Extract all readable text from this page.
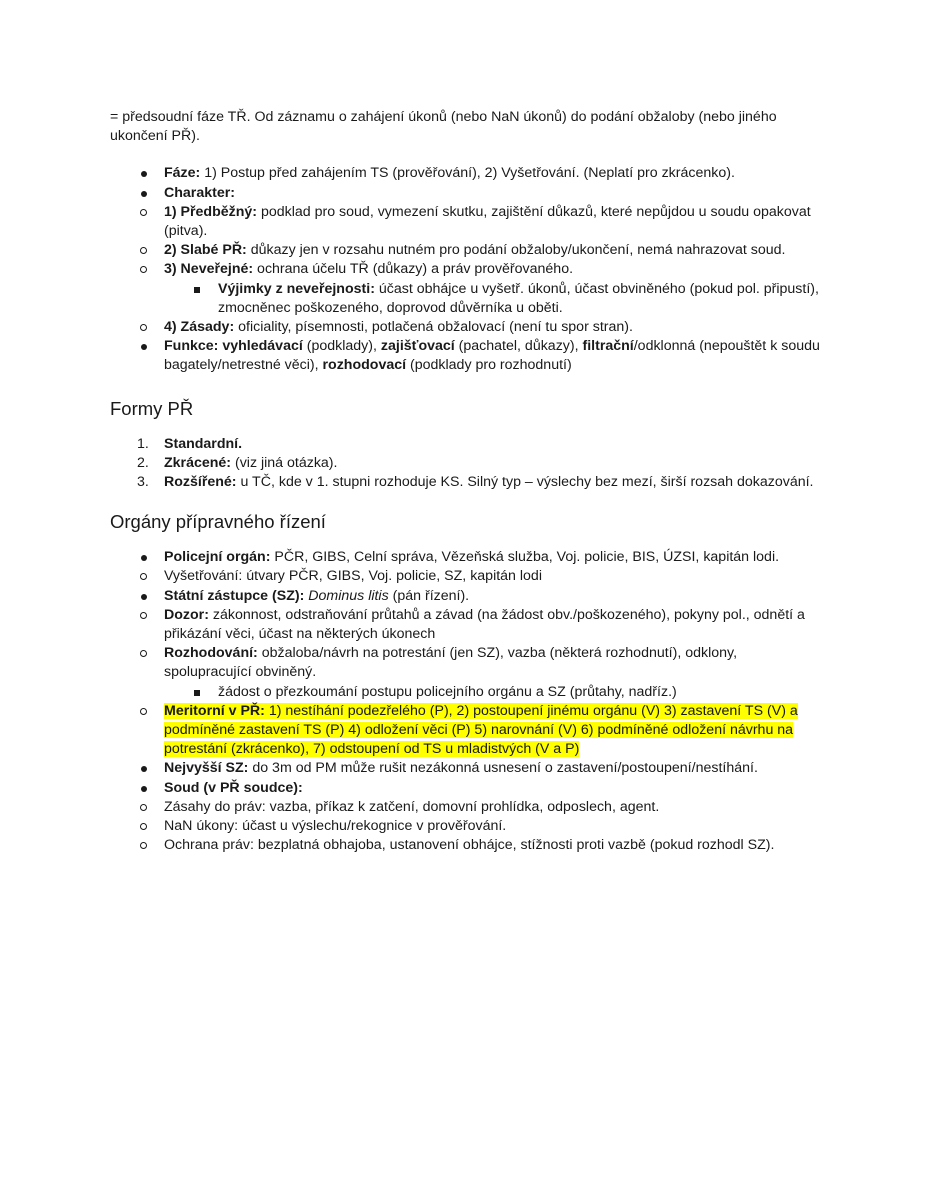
= předsoudní fáze TŘ. Od záznamu o zahájení úkonů (nebo NaN úkonů) do podání obžaloby (nebo jiného ukončení PŘ).

Fáze: 1) Postup před zahájením TS (prověřování), 2) Vyšetřování. (Neplatí pro zkrácenko).
Charakter:
1) Předběžný: podklad pro soud, vymezení skutku, zajištění důkazů, které nepůjdou u soudu opakovat (pitva).
2) Slabé PŘ: důkazy jen v rozsahu nutném pro podání obžaloby/ukončení, nemá nahrazovat soud.
3) Neveřejné: ochrana účelu TŘ (důkazy) a práv prověřovaného.
Výjimky z neveřejnosti: účast obhájce u vyšetř. úkonů, účast obviněného (pokud pol. připustí), zmocněnec poškozeného, doprovod důvěrníka u oběti.
4) Zásady: oficiality, písemnosti, potlačená obžalovací (není tu spor stran).
Funkce: vyhledávací (podklady), zajišťovací (pachatel, důkazy), filtrační/odklonná (nepouštět k soudu bagately/netrestné věci), rozhodovací (podklady pro rozhodnutí)
Formy PŘ
1. Standardní.
2. Zkrácené: (viz jiná otázka).
3. Rozšířené: u TČ, kde v 1. stupni rozhoduje KS. Silný typ – výslechy bez mezí, širší rozsah dokazování.
Orgány přípravného řízení
Policejní orgán: PČR, GIBS, Celní správa, Vězeňská služba, Voj. policie, BIS, ÚZSI, kapitán lodi.
Vyšetřování: útvary PČR, GIBS, Voj. policie, SZ, kapitán lodi
Státní zástupce (SZ): Dominus litis (pán řízení).
Dozor: zákonnost, odstraňování průtahů a závad (na žádost obv./poškozeného), pokyny pol., odnětí a přikázání věci, účast na některých úkonech
Rozhodování: obžaloba/návrh na potrestání (jen SZ), vazba (některá rozhodnutí), odklony, spolupracující obviněný.
žádost o přezkoumání postupu policejního orgánu a SZ (průtahy, nadříz.)
Meritorní v PŘ: 1) nestíhání podezřelého (P), 2) postoupení jinému orgánu (V) 3) zastavení TS (V) a podmíněné zastavení TS (P) 4) odložení věci (P) 5) narovnání (V) 6) podmíněné odložení návrhu na potrestání (zkrácenko), 7) odstoupení od TS u mladistvých (V a P)
Nejvyšší SZ: do 3m od PM může rušit nezákonná usnesení o zastavení/postoupení/nestíhání.
Soud (v PŘ soudce):
Zásahy do práv: vazba, příkaz k zatčení, domovní prohlídka, odposlech, agent.
NaN úkony: účast u výslechu/rekognice v prověřování.
Ochrana práv: bezplatná obhajoba, ustanovení obhájce, stížnosti proti vazbě (pokud rozhodl SZ).
